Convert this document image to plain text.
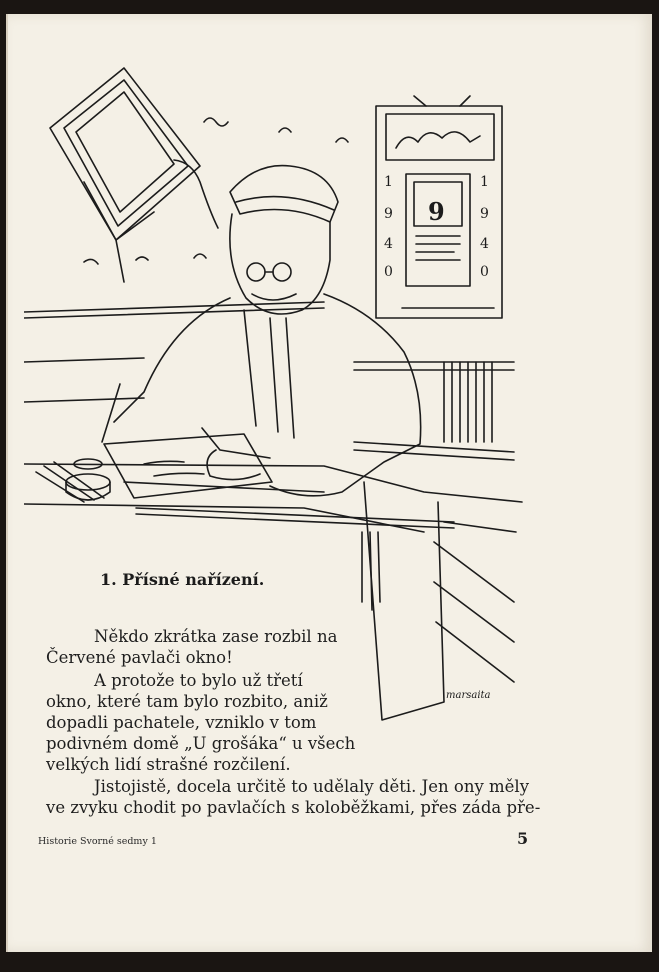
9
1
9
4
0
1
9
4
0
marsaita
1. Přísné nařízení.
Někdo zkrátka zase rozbil na
Červené pavlači okno!
A protože to bylo už třetí
okno, které tam bylo rozbito, aniž
dopadli pachatele, vzniklo v tom
podivném domě „U grošáka“ u všech
velkých lidí strašné rozčilení.
Jistojistě, docela určitě to udělaly děti. Jen ony měly
ve zvyku chodit po pavlačích s koloběžkami, přes záda pře-
Historie Svorné sedmy 1	5
